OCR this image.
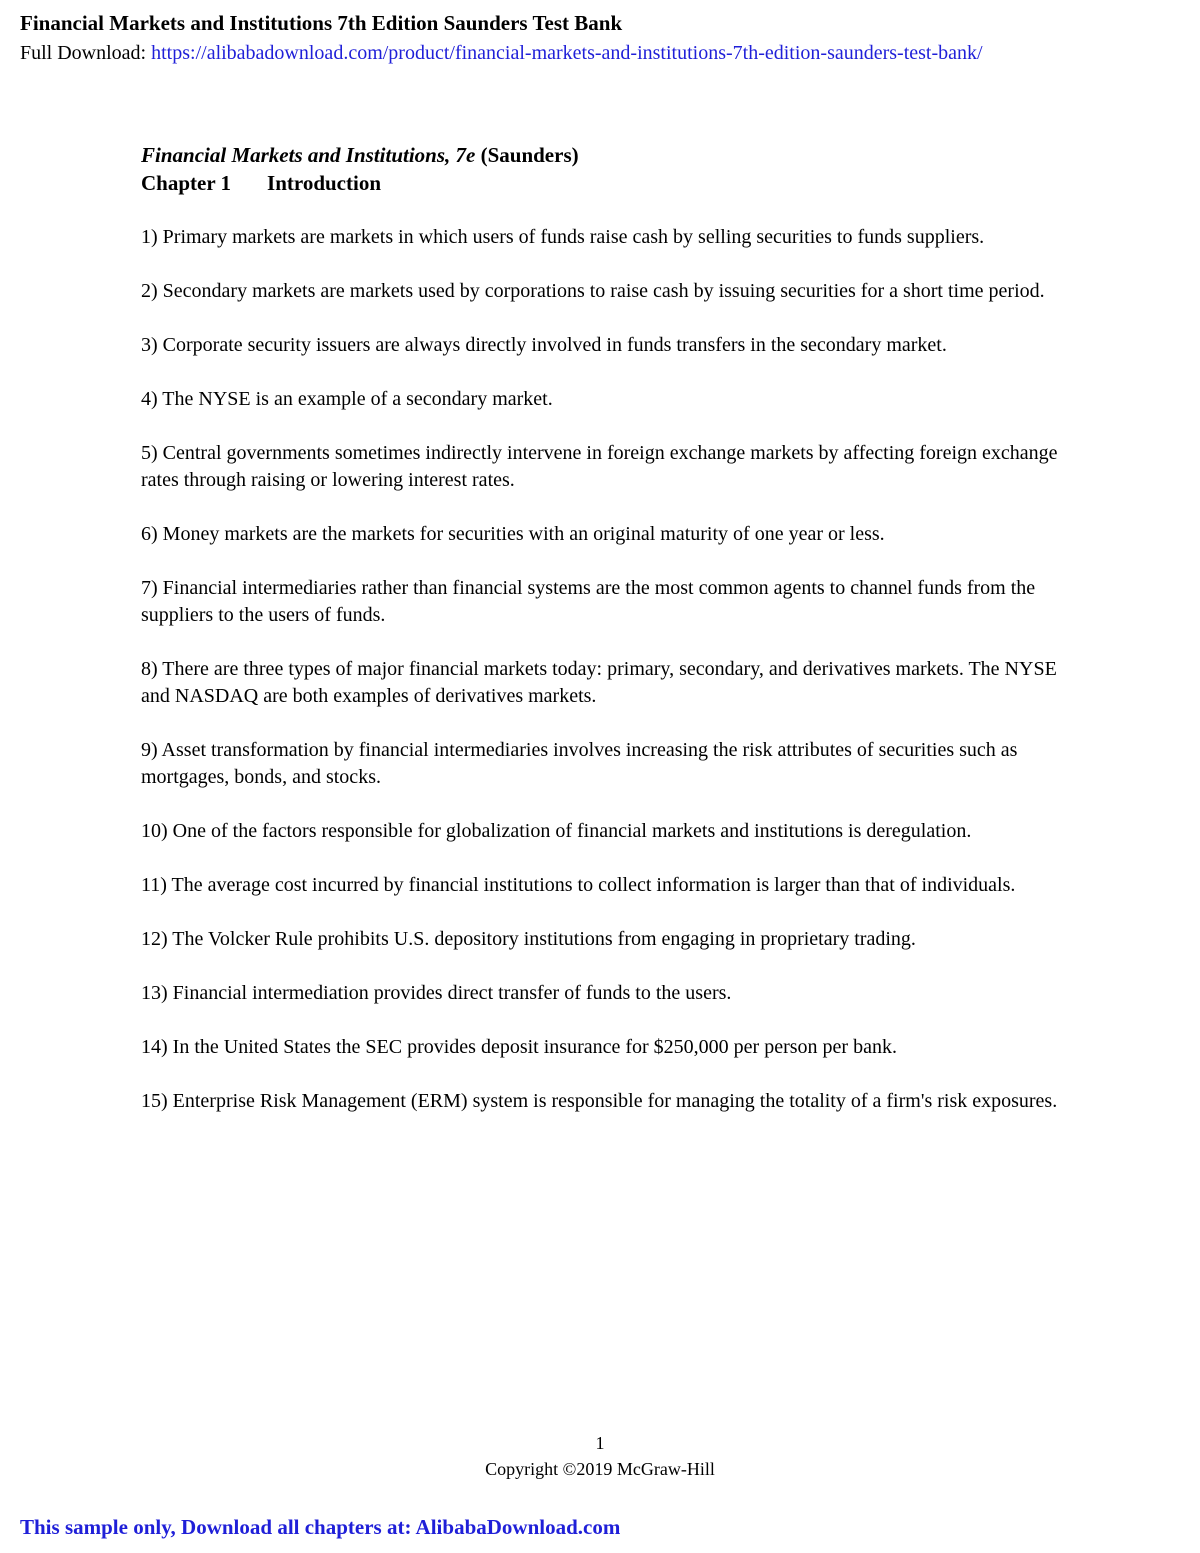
Financial Markets and Institutions 7th Edition Saunders Test Bank
Full Download: https://alibabadownload.com/product/financial-markets-and-institutions-7th-edition-saunders-test-bank/
Financial Markets and Institutions, 7e (Saunders)
Chapter 1 Introduction

1) Primary markets are markets in which users of funds raise cash by selling securities to funds suppliers.

2) Secondary markets are markets used by corporations to raise cash by issuing securities for a short time period.

3) Corporate security issuers are always directly involved in funds transfers in the secondary market.

4) The NYSE is an example of a secondary market.

5) Central governments sometimes indirectly intervene in foreign exchange markets by affecting foreign exchange rates through raising or lowering interest rates.

6) Money markets are the markets for securities with an original maturity of one year or less.

7) Financial intermediaries rather than financial systems are the most common agents to channel funds from the suppliers to the users of funds.

8) There are three types of major financial markets today: primary, secondary, and derivatives markets. The NYSE and NASDAQ are both examples of derivatives markets.

9) Asset transformation by financial intermediaries involves increasing the risk attributes of securities such as mortgages, bonds, and stocks.

10) One of the factors responsible for globalization of financial markets and institutions is deregulation.

11) The average cost incurred by financial institutions to collect information is larger than that of individuals.

12) The Volcker Rule prohibits U.S. depository institutions from engaging in proprietary trading.

13) Financial intermediation provides direct transfer of funds to the users.

14) In the United States the SEC provides deposit insurance for $250,000 per person per bank.

15) Enterprise Risk Management (ERM) system is responsible for managing the totality of a firm's risk exposures.

1
Copyright ©2019 McGraw-Hill
This sample only, Download all chapters at: AlibabaDownload.com
